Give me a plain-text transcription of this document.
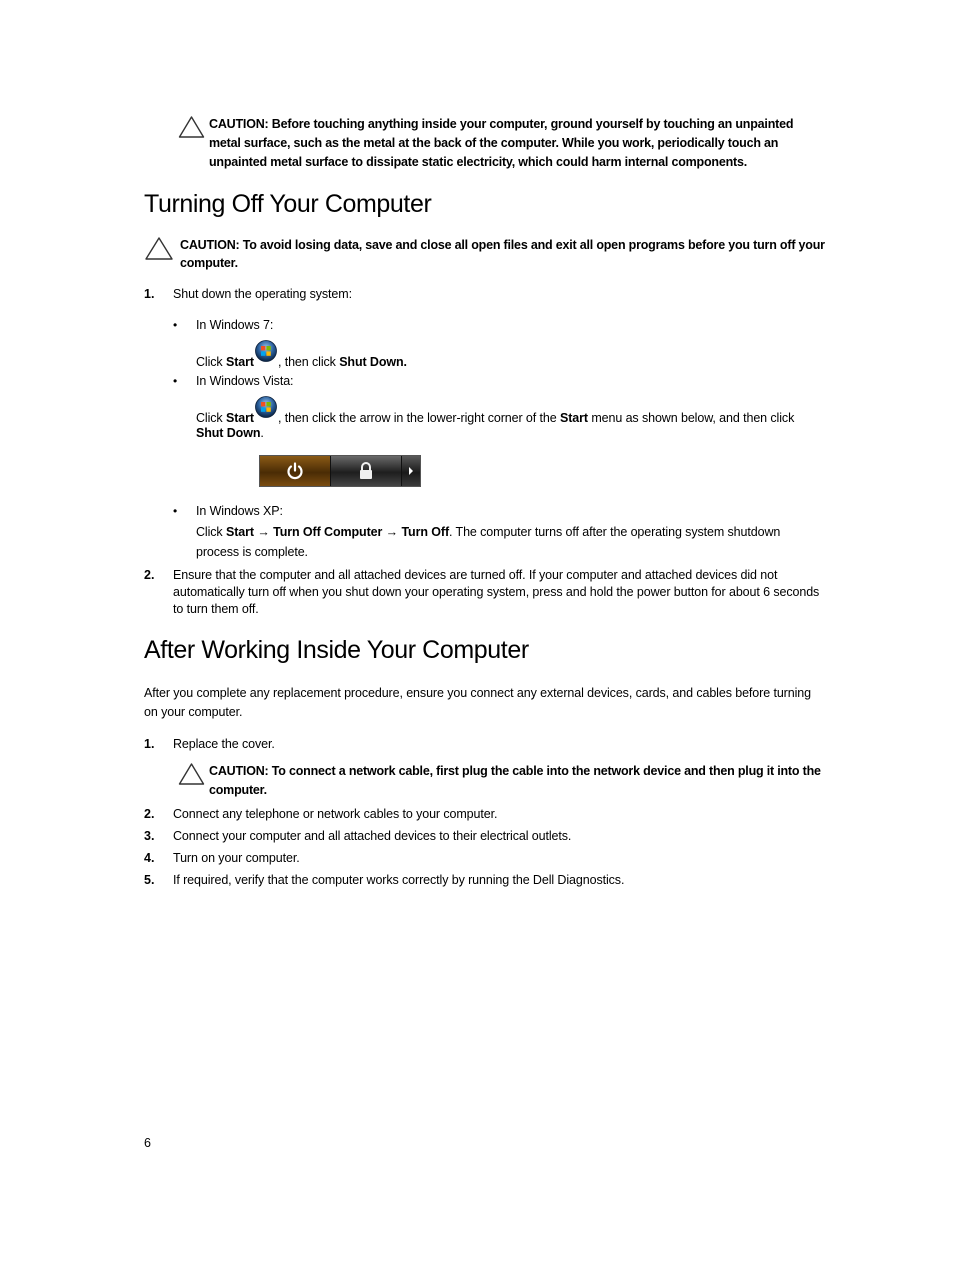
CAUTION: Before touching anything inside your computer, ground yourself by touching an unpainted metal surface, such as the metal at the back of the computer. While you work, periodically touch an unpainted metal surface to dissipate static electricity, which could harm internal components.
Turning Off Your Computer
CAUTION: To avoid losing data, save and close all open files and exit all open programs before you turn off your computer.
1. Shut down the operating system:
• In Windows 7:
Click Start , then click Shut Down.
• In Windows Vista:
Click Start , then click the arrow in the lower-right corner of the Start menu as shown below, and then click
Shut Down.
• In Windows XP:
Click Start → Turn Off Computer → Turn Off. The computer turns off after the operating system shutdown
process is complete.
2. Ensure that the computer and all attached devices are turned off. If your computer and attached devices did not automatically turn off when you shut down your operating system, press and hold the power button for about 6 seconds to turn them off.
After Working Inside Your Computer
After you complete any replacement procedure, ensure you connect any external devices, cards, and cables before turning on your computer.
1. Replace the cover.
CAUTION: To connect a network cable, first plug the cable into the network device and then plug it into the computer.
2. Connect any telephone or network cables to your computer.
3. Connect your computer and all attached devices to their electrical outlets.
4. Turn on your computer.
5. If required, verify that the computer works correctly by running the Dell Diagnostics.
6
